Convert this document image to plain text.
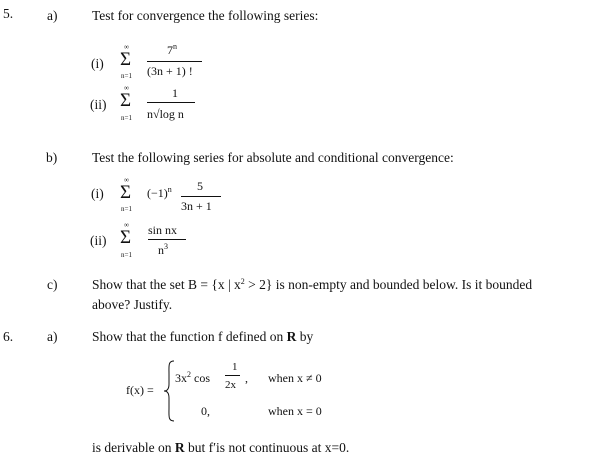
5.	a)	Test for convergence the following series:
(i)
∞
Σ
n=1
7$^n$
(3n + 1) !
(ii)
∞
Σ
n=1
1
n√log n
b)	Test the following series for absolute and conditional convergence:
(i)
∞
Σ
n=1
$(-1)^n$ 5
3n + 1
(ii)
∞
Σ
n=1
sin nx
$n^3$
c)	Show that the set B = {x | $x^2 > 2$} is non-empty and bounded below. Is it bounded
above? Justify.
6.	a)	Show that the function f defined on R by
f(x) =
$3x^2$ cos
1
2x , when x ≠ 0
0,	when x = 0
is derivable on R but f′is not continuous at x=0.
